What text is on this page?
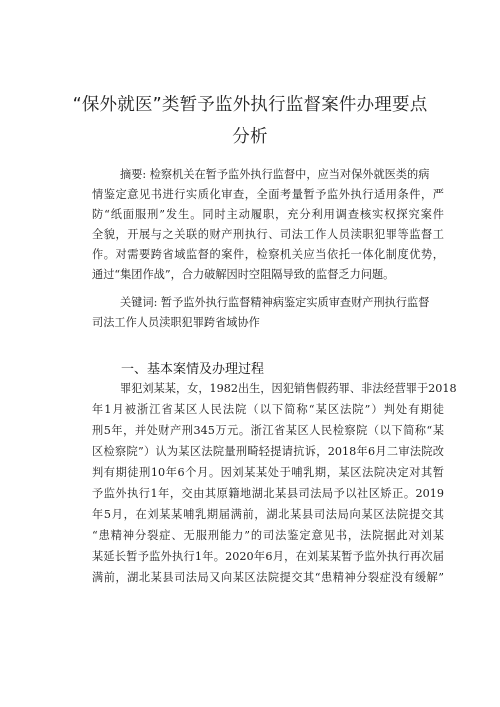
“保外就医”类暂予监外执行监督案件办理要点
分析
摘要: 检察机关在暂予监外执行监督中，应当对保外就医类的病
情鉴定意见书进行实质化审查，全面考量暂予监外执行适用条件，严
防“纸面服刑”发生。同时主动履职，充分利用调查核实权探究案件
全貌，开展与之关联的财产刑执行、司法工作人员渎职犯罪等监督工
作。对需要跨省域监督的案件，检察机关应当依托一体化制度优势，
通过“集团作战”，合力破解因时空阻隔导致的监督乏力问题。
关键词: 暂予监外执行监督精神病鉴定实质审查财产刑执行监督
司法工作人员渎职犯罪跨省域协作
一、基本案情及办理过程
罪犯刘某某，女，1982出生，因犯销售假药罪、非法经营罪于2018
年1月被浙江省某区人民法院（以下简称“某区法院”）判处有期徒
刑5年，并处财产刑345万元。浙江省某区人民检察院（以下简称“某
区检察院”）认为某区法院量刑畸轻提请抗诉，2018年6月二审法院改
判有期徒刑10年6个月。因刘某某处于哺乳期，某区法院决定对其暂
予监外执行1年，交由其原籍地湖北某县司法局予以社区矫正。2019
年5月，在刘某某哺乳期届满前，湖北某县司法局向某区法院提交其
“患精神分裂症、无服刑能力”的司法鉴定意见书，法院据此对刘某
某延长暂予监外执行1年。2020年6月，在刘某某暂予监外执行再次届
满前，湖北某县司法局又向某区法院提交其“患精神分裂症没有缓解”
